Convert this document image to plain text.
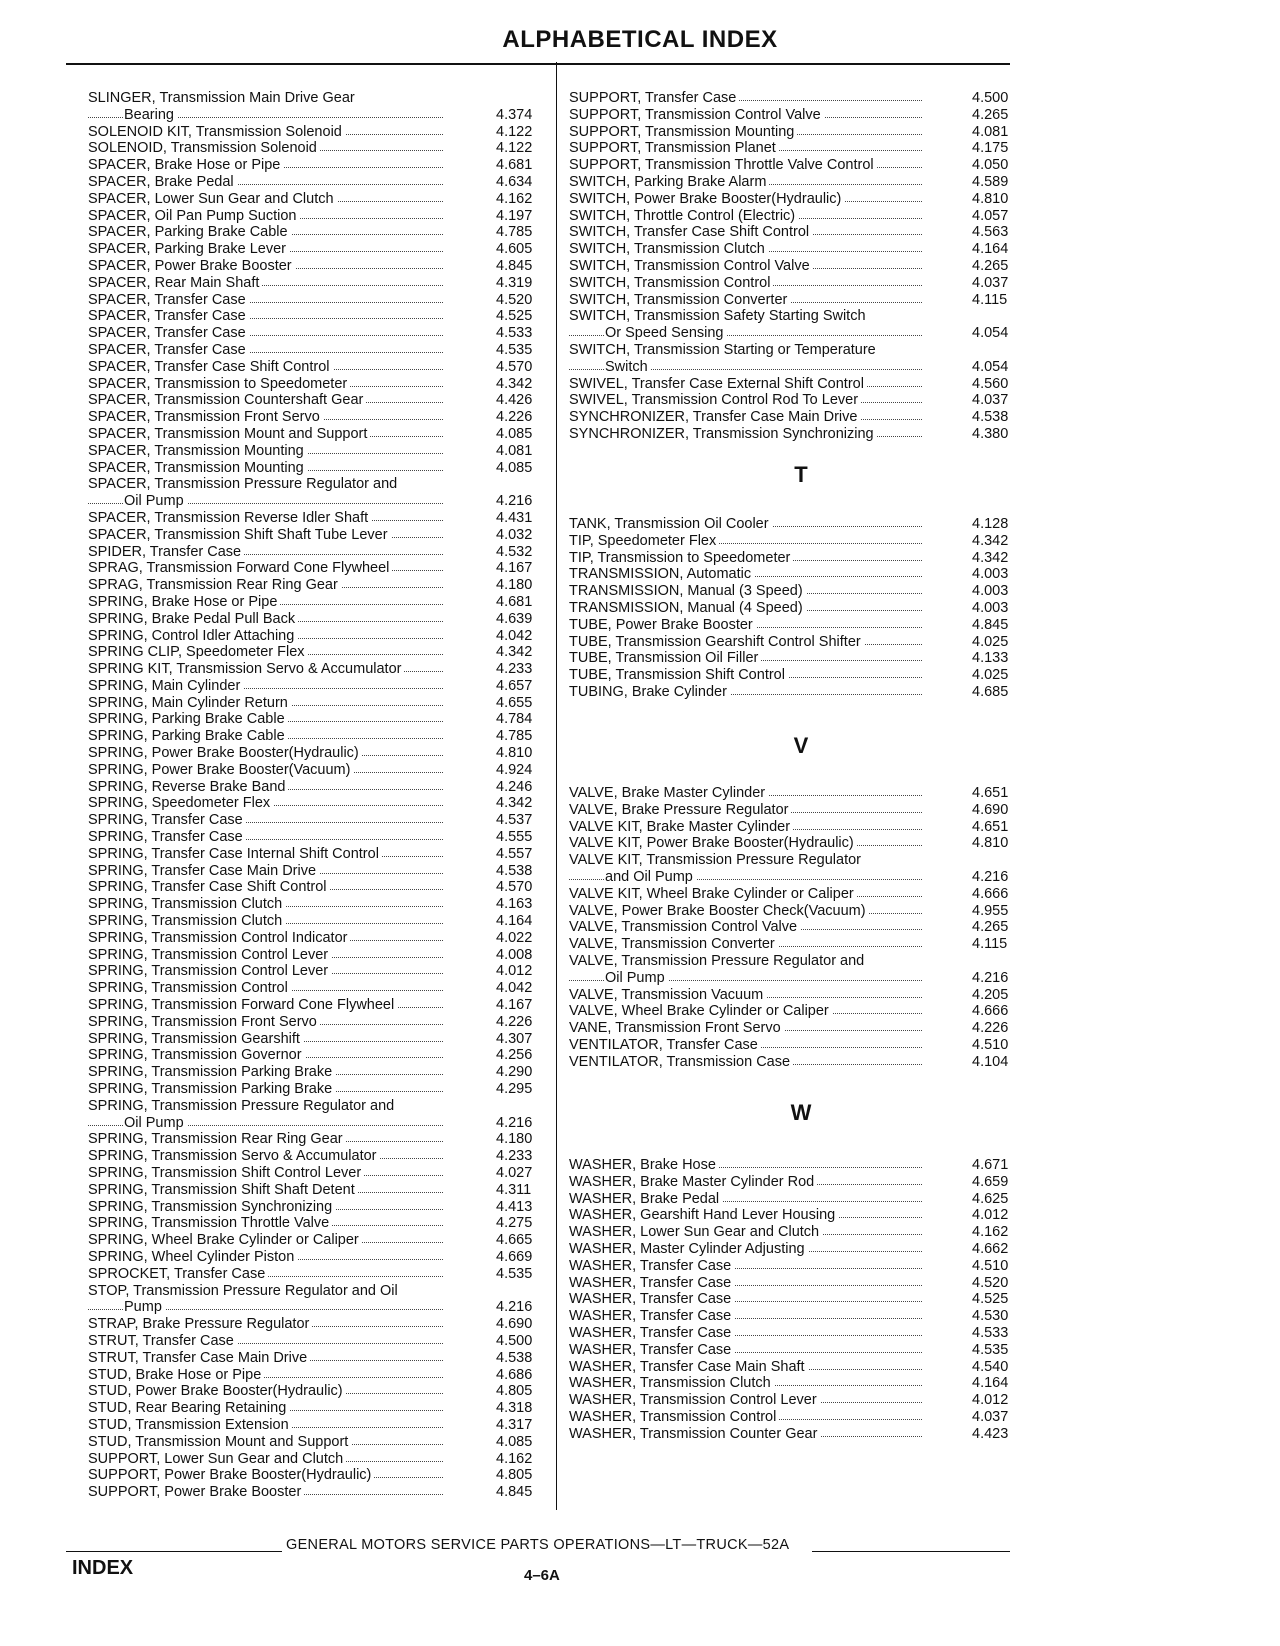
ALPHABETICAL INDEX
SLINGER, Transmission Main Drive Gear
Bearing	4.374
SOLENOID KIT, Transmission Solenoid	4.122
SOLENOID, Transmission Solenoid	4.122
SPACER, Brake Hose or Pipe	4.681
SPACER, Brake Pedal	4.634
SPACER, Lower Sun Gear and Clutch	4.162
SPACER, Oil Pan Pump Suction	4.197
SPACER, Parking Brake Cable	4.785
SPACER, Parking Brake Lever	4.605
SPACER, Power Brake Booster	4.845
SPACER, Rear Main Shaft	4.319
SPACER, Transfer Case	4.520
SPACER, Transfer Case	4.525
SPACER, Transfer Case	4.533
SPACER, Transfer Case	4.535
SPACER, Transfer Case Shift Control	4.570
SPACER, Transmission to Speedometer	4.342
SPACER, Transmission Countershaft Gear	4.426
SPACER, Transmission Front Servo	4.226
SPACER, Transmission Mount and Support	4.085
SPACER, Transmission Mounting	4.081
SPACER, Transmission Mounting	4.085
SPACER, Transmission Pressure Regulator and
Oil Pump	4.216
SPACER, Transmission Reverse Idler Shaft	4.431
SPACER, Transmission Shift Shaft Tube Lever	4.032
SPIDER, Transfer Case	4.532
SPRAG, Transmission Forward Cone Flywheel	4.167
SPRAG, Transmission Rear Ring Gear	4.180
SPRING, Brake Hose or Pipe	4.681
SPRING, Brake Pedal Pull Back	4.639
SPRING, Control Idler Attaching	4.042
SPRING CLIP, Speedometer Flex	4.342
SPRING KIT, Transmission Servo & Accumulator	4.233
SPRING, Main Cylinder	4.657
SPRING, Main Cylinder Return	4.655
SPRING, Parking Brake Cable	4.784
SPRING, Parking Brake Cable	4.785
SPRING, Power Brake Booster(Hydraulic)	4.810
SPRING, Power Brake Booster(Vacuum)	4.924
SPRING, Reverse Brake Band	4.246
SPRING, Speedometer Flex	4.342
SPRING, Transfer Case	4.537
SPRING, Transfer Case	4.555
SPRING, Transfer Case Internal Shift Control	4.557
SPRING, Transfer Case Main Drive	4.538
SPRING, Transfer Case Shift Control	4.570
SPRING, Transmission Clutch	4.163
SPRING, Transmission Clutch	4.164
SPRING, Transmission Control Indicator	4.022
SPRING, Transmission Control Lever	4.008
SPRING, Transmission Control Lever	4.012
SPRING, Transmission Control	4.042
SPRING, Transmission Forward Cone Flywheel	4.167
SPRING, Transmission Front Servo	4.226
SPRING, Transmission Gearshift	4.307
SPRING, Transmission Governor	4.256
SPRING, Transmission Parking Brake	4.290
SPRING, Transmission Parking Brake	4.295
SPRING, Transmission Pressure Regulator and
Oil Pump	4.216
SPRING, Transmission Rear Ring Gear	4.180
SPRING, Transmission Servo & Accumulator	4.233
SPRING, Transmission Shift Control Lever	4.027
SPRING, Transmission Shift Shaft Detent	4.311
SPRING, Transmission Synchronizing	4.413
SPRING, Transmission Throttle Valve	4.275
SPRING, Wheel Brake Cylinder or Caliper	4.665
SPRING, Wheel Cylinder Piston	4.669
SPROCKET, Transfer Case	4.535
STOP, Transmission Pressure Regulator and Oil
Pump	4.216
STRAP, Brake Pressure Regulator	4.690
STRUT, Transfer Case	4.500
STRUT, Transfer Case Main Drive	4.538
STUD, Brake Hose or Pipe	4.686
STUD, Power Brake Booster(Hydraulic)	4.805
STUD, Rear Bearing Retaining	4.318
STUD, Transmission Extension	4.317
STUD, Transmission Mount and Support	4.085
SUPPORT, Lower Sun Gear and Clutch	4.162
SUPPORT, Power Brake Booster(Hydraulic)	4.805
SUPPORT, Power Brake Booster	4.845
SUPPORT, Transfer Case	4.500
SUPPORT, Transmission Control Valve	4.265
SUPPORT, Transmission Mounting	4.081
SUPPORT, Transmission Planet	4.175
SUPPORT, Transmission Throttle Valve Control	4.050
SWITCH, Parking Brake Alarm	4.589
SWITCH, Power Brake Booster(Hydraulic)	4.810
SWITCH, Throttle Control (Electric)	4.057
SWITCH, Transfer Case Shift Control	4.563
SWITCH, Transmission Clutch	4.164
SWITCH, Transmission Control Valve	4.265
SWITCH, Transmission Control	4.037
SWITCH, Transmission Converter	4.115
SWITCH, Transmission Safety Starting Switch
Or Speed Sensing	4.054
SWITCH, Transmission Starting or Temperature
Switch	4.054
SWIVEL, Transfer Case External Shift Control	4.560
SWIVEL, Transmission Control Rod To Lever	4.037
SYNCHRONIZER, Transfer Case Main Drive	4.538
SYNCHRONIZER, Transmission Synchronizing	4.380
T
TANK, Transmission Oil Cooler	4.128
TIP, Speedometer Flex	4.342
TIP, Transmission to Speedometer	4.342
TRANSMISSION, Automatic	4.003
TRANSMISSION, Manual (3 Speed)	4.003
TRANSMISSION, Manual (4 Speed)	4.003
TUBE, Power Brake Booster	4.845
TUBE, Transmission Gearshift Control Shifter	4.025
TUBE, Transmission Oil Filler	4.133
TUBE, Transmission Shift Control	4.025
TUBING, Brake Cylinder	4.685
V
VALVE, Brake Master Cylinder	4.651
VALVE, Brake Pressure Regulator	4.690
VALVE KIT, Brake Master Cylinder	4.651
VALVE KIT, Power Brake Booster(Hydraulic)	4.810
VALVE KIT, Transmission Pressure Regulator
and Oil Pump	4.216
VALVE KIT, Wheel Brake Cylinder or Caliper	4.666
VALVE, Power Brake Booster Check(Vacuum)	4.955
VALVE, Transmission Control Valve	4.265
VALVE, Transmission Converter	4.115
VALVE, Transmission Pressure Regulator and
Oil Pump	4.216
VALVE, Transmission Vacuum	4.205
VALVE, Wheel Brake Cylinder or Caliper	4.666
VANE, Transmission Front Servo	4.226
VENTILATOR, Transfer Case	4.510
VENTILATOR, Transmission Case	4.104
W
WASHER, Brake Hose	4.671
WASHER, Brake Master Cylinder Rod	4.659
WASHER, Brake Pedal	4.625
WASHER, Gearshift Hand Lever Housing	4.012
WASHER, Lower Sun Gear and Clutch	4.162
WASHER, Master Cylinder Adjusting	4.662
WASHER, Transfer Case	4.510
WASHER, Transfer Case	4.520
WASHER, Transfer Case	4.525
WASHER, Transfer Case	4.530
WASHER, Transfer Case	4.533
WASHER, Transfer Case	4.535
WASHER, Transfer Case Main Shaft	4.540
WASHER, Transmission Clutch	4.164
WASHER, Transmission Control Lever	4.012
WASHER, Transmission Control	4.037
WASHER, Transmission Counter Gear	4.423
GENERAL MOTORS SERVICE PARTS OPERATIONS—LT—TRUCK—52A
INDEX	4–6A
